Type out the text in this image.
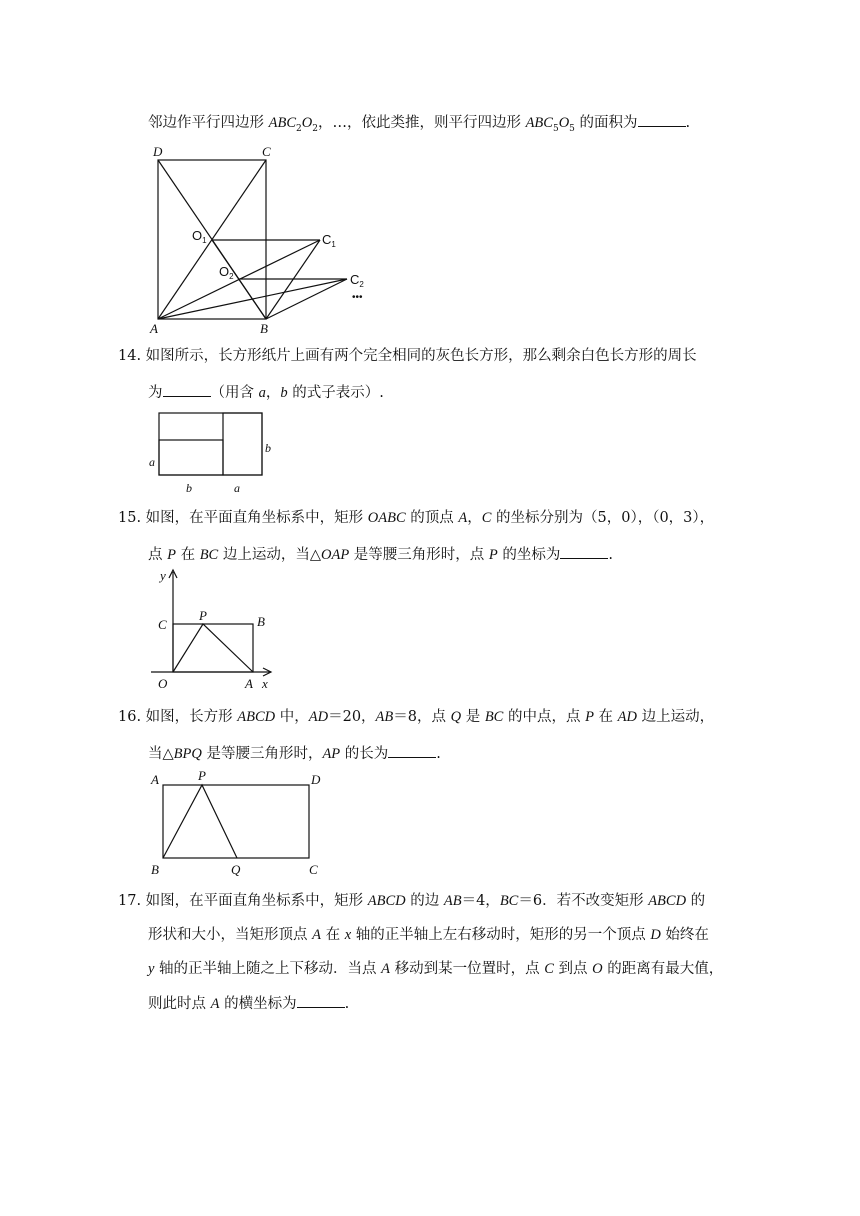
邻边作平行四边形 $ABC_2O_2$，…，依此类推，则平行四边形 $ABC_5O_5$ 的面积为	.
D	C
$O_1$	$C_1$
$O_2$	$C_2$
•••
A	B
14. 如图所示，长方形纸片上画有两个完全相同的灰色长方形，那么剩余白色长方形的周长
为	（用含 a，b 的式子表示）.
a
b
b	a
15. 如图，在平面直角坐标系中，矩形 OABC 的顶点 A，C 的坐标分别为（5，0），（0，3），
点 P 在 BC 边上运动，当△OAP 是等腰三角形时，点 P 的坐标为	.
y
x
C
P	B
O	A
16. 如图，长方形 ABCD 中，AD＝20，AB＝8，点 Q 是 BC 的中点，点 P 在 AD 边上运动，
当△BPQ 是等腰三角形时，AP 的长为	.
A	P	D
B	Q	C
17. 如图，在平面直角坐标系中，矩形 ABCD 的边 AB＝4，BC＝6．若不改变矩形 ABCD 的
形状和大小，当矩形顶点 A 在 x 轴的正半轴上左右移动时，矩形的另一个顶点 D 始终在
y 轴的正半轴上随之上下移动．当点 A 移动到某一位置时，点 C 到点 O 的距离有最大值，
则此时点 A 的横坐标为	.
